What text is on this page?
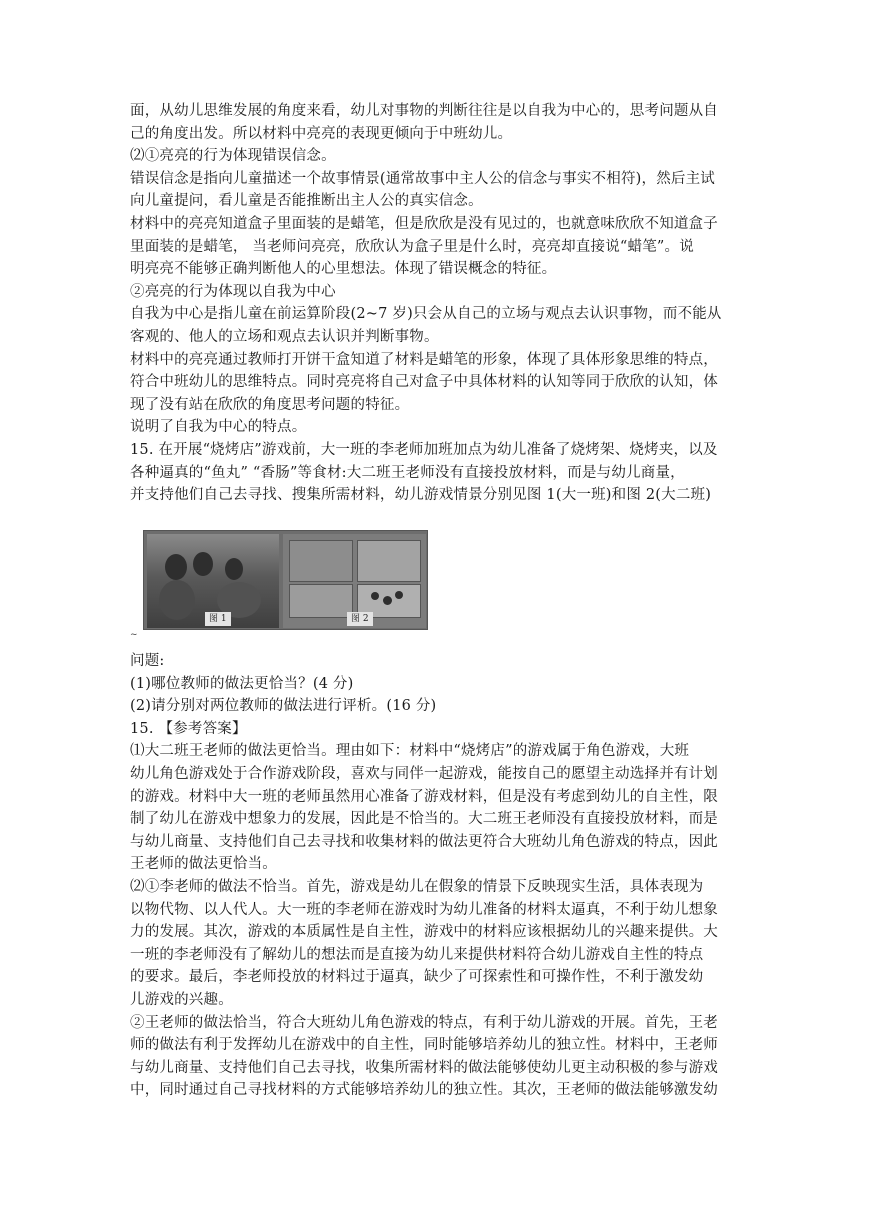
面，从幼儿思维发展的角度来看，幼儿对事物的判断往往是以自我为中心的，思考问题从自
己的角度出发。所以材料中亮亮的表现更倾向于中班幼儿。
⑵①亮亮的行为体现错误信念。
错误信念是指向儿童描述一个故事情景(通常故事中主人公的信念与事实不相符)，然后主试
向儿童提问，看儿童是否能推断出主人公的真实信念。
材料中的亮亮知道盒子里面装的是蜡笔，但是欣欣是没有见过的，也就意味欣欣不知道盒子
里面装的是蜡笔， 当老师问亮亮，欣欣认为盒子里是什么时，亮亮却直接说“蜡笔”。说
明亮亮不能够正确判断他人的心里想法。体现了错误概念的特征。
②亮亮的行为体现以自我为中心
自我为中心是指儿童在前运算阶段(2~7 岁)只会从自己的立场与观点去认识事物，而不能从
客观的、他人的立场和观点去认识并判断事物。
材料中的亮亮通过教师打开饼干盒知道了材料是蜡笔的形象，体现了具体形象思维的特点，
符合中班幼儿的思维特点。同时亮亮将自己对盒子中具体材料的认知等同于欣欣的认知，体
现了没有站在欣欣的角度思考问题的特征。
说明了自我为中心的特点。
15. 在开展“烧烤店”游戏前，大一班的李老师加班加点为幼儿准备了烧烤架、烧烤夹，以及
各种逼真的“鱼丸” “香肠”等食材:大二班王老师没有直接投放材料，而是与幼儿商量，
并支持他们自己去寻找、搜集所需材料，幼儿游戏情景分别见图 1(大一班)和图 2(大二班)
图 1	图 2
~
问题:
(1)哪位教师的做法更恰当？(4 分)
(2)请分别对两位教师的做法进行评析。(16 分)
15. 【参考答案】
⑴大二班王老师的做法更恰当。理由如下：材料中“烧烤店”的游戏属于角色游戏，大班
幼儿角色游戏处于合作游戏阶段，喜欢与同伴一起游戏，能按自己的愿望主动选择并有计划
的游戏。材料中大一班的老师虽然用心准备了游戏材料，但是没有考虑到幼儿的自主性，限
制了幼儿在游戏中想象力的发展，因此是不恰当的。大二班王老师没有直接投放材料，而是
与幼儿商量、支持他们自己去寻找和收集材料的做法更符合大班幼儿角色游戏的特点，因此
王老师的做法更恰当。
⑵①李老师的做法不恰当。首先，游戏是幼儿在假象的情景下反映现实生活，具体表现为
以物代物、以人代人。大一班的李老师在游戏时为幼儿准备的材料太逼真，不利于幼儿想象
力的发展。其次，游戏的本质属性是自主性，游戏中的材料应该根据幼儿的兴趣来提供。大
一班的李老师没有了解幼儿的想法而是直接为幼儿来提供材料符合幼儿游戏自主性的特点
的要求。最后，李老师投放的材料过于逼真，缺少了可探索性和可操作性，不利于激发幼
儿游戏的兴趣。
②王老师的做法恰当，符合大班幼儿角色游戏的特点，有利于幼儿游戏的开展。首先，王老
师的做法有利于发挥幼儿在游戏中的自主性，同时能够培养幼儿的独立性。材料中，王老师
与幼儿商量、支持他们自己去寻找，收集所需材料的做法能够使幼儿更主动积极的参与游戏
中，同时通过自己寻找材料的方式能够培养幼儿的独立性。其次，王老师的做法能够激发幼
